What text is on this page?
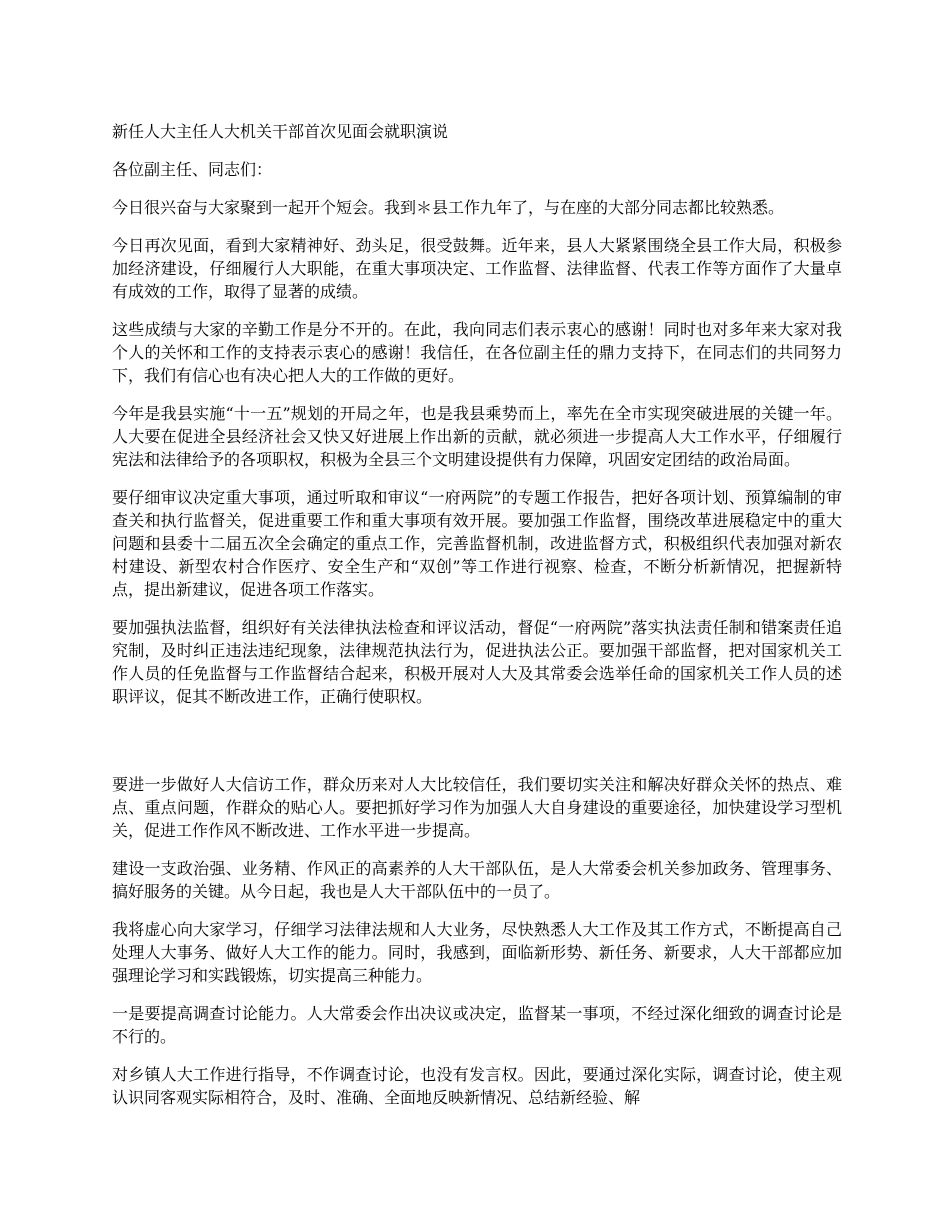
新任人大主任人大机关干部首次见面会就职演说

各位副主任、同志们：

今日很兴奋与大家聚到一起开个短会。我到＊县工作九年了，与在座的大部分同志都比较熟悉。

今日再次见面，看到大家精神好、劲头足，很受鼓舞。近年来，县人大紧紧围绕全县工作大局，积极参加经济建设，仔细履行人大职能，在重大事项决定、工作监督、法律监督、代表工作等方面作了大量卓有成效的工作，取得了显著的成绩。

这些成绩与大家的辛勤工作是分不开的。在此，我向同志们表示衷心的感谢！同时也对多年来大家对我个人的关怀和工作的支持表示衷心的感谢！我信任，在各位副主任的鼎力支持下，在同志们的共同努力下，我们有信心也有决心把人大的工作做的更好。

今年是我县实施“十一五”规划的开局之年，也是我县乘势而上，率先在全市实现突破进展的关键一年。人大要在促进全县经济社会又快又好进展上作出新的贡献，就必须进一步提高人大工作水平，仔细履行宪法和法律给予的各项职权，积极为全县三个文明建设提供有力保障，巩固安定团结的政治局面。

要仔细审议决定重大事项，通过听取和审议“一府两院”的专题工作报告，把好各项计划、预算编制的审查关和执行监督关，促进重要工作和重大事项有效开展。要加强工作监督，围绕改革进展稳定中的重大问题和县委十二届五次全会确定的重点工作，完善监督机制，改进监督方式，积极组织代表加强对新农村建设、新型农村合作医疗、安全生产和“双创”等工作进行视察、检查，不断分析新情况，把握新特点，提出新建议，促进各项工作落实。

要加强执法监督，组织好有关法律执法检查和评议活动，督促“一府两院”落实执法责任制和错案责任追究制，及时纠正违法违纪现象，法律规范执法行为，促进执法公正。要加强干部监督，把对国家机关工作人员的任免监督与工作监督结合起来，积极开展对人大及其常委会选举任命的国家机关工作人员的述职评议，促其不断改进工作，正确行使职权。

要进一步做好人大信访工作，群众历来对人大比较信任，我们要切实关注和解决好群众关怀的热点、难点、重点问题，作群众的贴心人。要把抓好学习作为加强人大自身建设的重要途径，加快建设学习型机关，促进工作作风不断改进、工作水平进一步提高。

建设一支政治强、业务精、作风正的高素养的人大干部队伍，是人大常委会机关参加政务、管理事务、搞好服务的关键。从今日起，我也是人大干部队伍中的一员了。

我将虚心向大家学习，仔细学习法律法规和人大业务，尽快熟悉人大工作及其工作方式，不断提高自己处理人大事务、做好人大工作的能力。同时，我感到，面临新形势、新任务、新要求，人大干部都应加强理论学习和实践锻炼，切实提高三种能力。

一是要提高调查讨论能力。人大常委会作出决议或决定，监督某一事项，不经过深化细致的调查讨论是不行的。

对乡镇人大工作进行指导，不作调查讨论，也没有发言权。因此，要通过深化实际，调查讨论，使主观认识同客观实际相符合，及时、准确、全面地反映新情况、总结新经验、解
